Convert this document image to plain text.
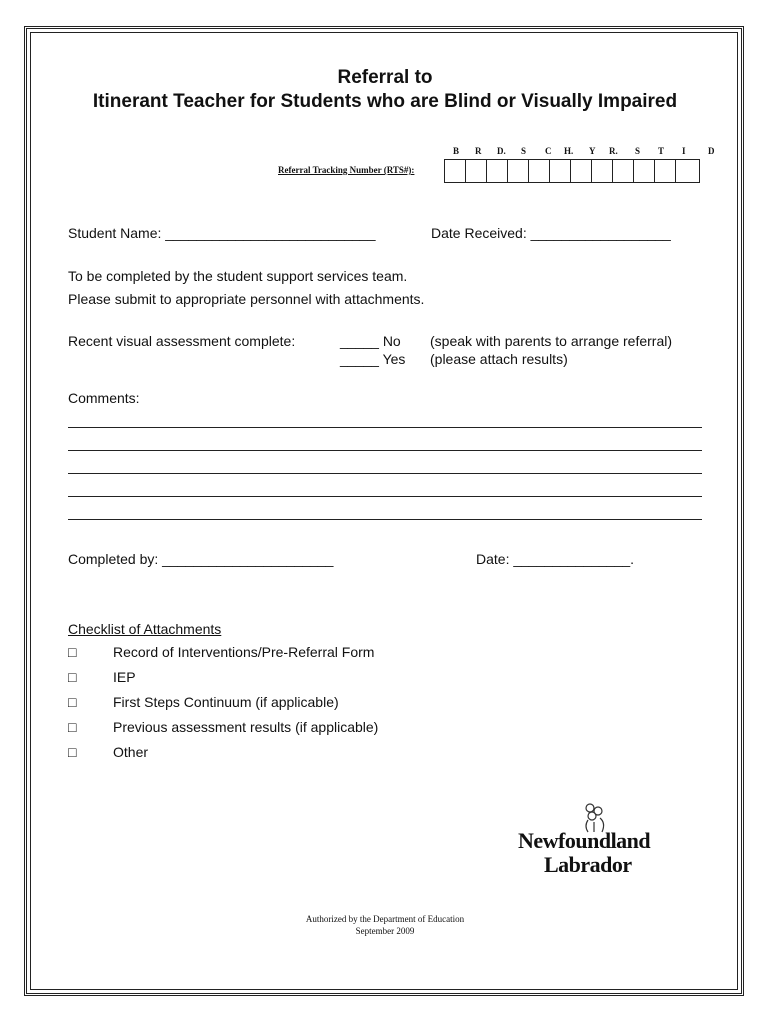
Referral to
Itinerant Teacher for Students who are Blind or Visually Impaired
B R D. S C H. Y R. S T I D
Referral Tracking Number (RTS#):
Student Name: ___________________________	Date Received: __________________
To be completed by the student support services team.
Please submit to appropriate personnel with attachments.
Recent visual assessment complete:	_____ No (speak with parents to arrange referral)
_____ Yes (please attach results)
Comments:
Completed by: ______________________	Date: _______________.
Checklist of Attachments
□	Record of Interventions/Pre-Referral Form
□	IEP
□	First Steps Continuum (if applicable)
□	Previous assessment results (if applicable)
□	Other
Newfoundland
Labrador
Authorized by the Department of Education
September 2009
